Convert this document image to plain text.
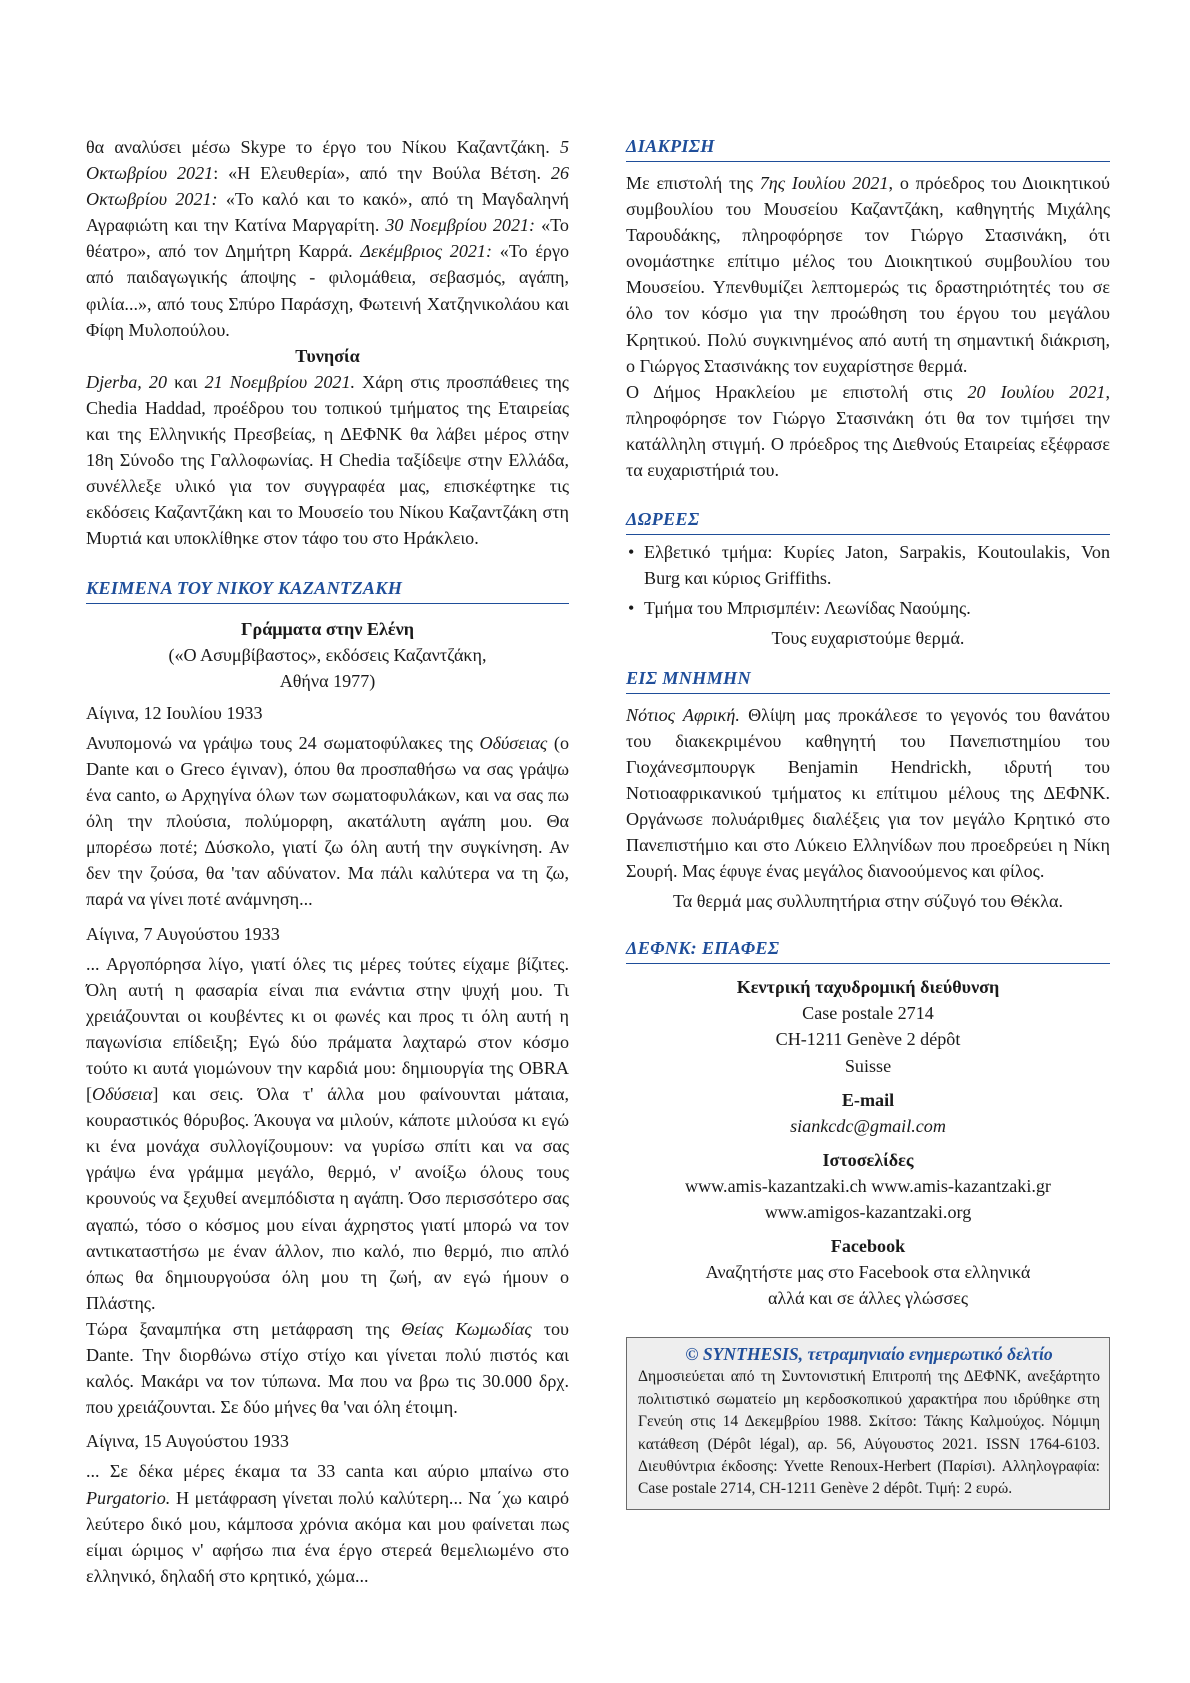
θα αναλύσει μέσω Skype το έργο του Νίκου Καζαντζάκη. 5 Οκτωβρίου 2021: «Η Ελευθερία», από την Βούλα Βέτση. 26 Οκτωβρίου 2021: «Το καλό και το κακό», από τη Μαγδαληνή Αγραφιώτη και την Κατίνα Μαργαρίτη. 30 Νοεμβρίου 2021: «Το θέατρο», από τον Δημήτρη Καρρά. Δεκέμβριος 2021: «Το έργο από παιδαγωγικής άποψης - φιλομάθεια, σεβασμός, αγάπη, φιλία...», από τους Σπύρο Παράσχη, Φωτεινή Χατζηνικολάου και Φίφη Μυλοπούλου.

Τυνησία

Djerba, 20 και 21 Νοεμβρίου 2021. Χάρη στις προσπάθειες της Chedia Haddad, προέδρου του τοπικού τμήματος της Εταιρείας και της Ελληνικής Πρεσβείας, η ΔΕΦΝΚ θα λάβει μέρος στην 18η Σύνοδο της Γαλλοφωνίας. Η Chedia ταξίδεψε στην Ελλάδα, συνέλλεξε υλικό για τον συγγραφέα μας, επισκέφτηκε τις εκδόσεις Καζαντζάκη και το Μουσείο του Νίκου Καζαντζάκη στη Μυρτιά και υποκλίθηκε στον τάφο του στο Ηράκλειο.

ΚΕΙΜΕΝΑ ΤΟΥ ΝΙΚΟΥ ΚΑΖΑΝΤΖΑΚΗ

Γράμματα στην Ελένη

(«Ο Ασυμβίβαστος», εκδόσεις Καζαντζάκη,

Αθήνα 1977)

Αίγινα, 12 Ιουλίου 1933

Ανυπομονώ να γράψω τους 24 σωματοφύλακες της Οδύσειας (ο Dante και ο Greco έγιναν), όπου θα προσπαθήσω να σας γράψω ένα canto, ω Αρχηγίνα όλων των σωματοφυλάκων, και να σας πω όλη την πλούσια, πολύμορφη, ακατάλυτη αγάπη μου. Θα μπορέσω ποτέ; Δύσκολο, γιατί ζω όλη αυτή την συγκίνηση. Αν δεν την ζούσα, θα 'ταν αδύνατον. Μα πάλι καλύτερα να τη ζω, παρά να γίνει ποτέ ανάμνηση...

Αίγινα, 7 Αυγούστου 1933

... Αργοπόρησα λίγο, γιατί όλες τις μέρες τούτες είχαμε βίζιτες. Όλη αυτή η φασαρία είναι πια ενάντια στην ψυχή μου. Τι χρειάζουνται οι κουβέντες κι οι φωνές και προς τι όλη αυτή η παγωνίσια επίδειξη; Εγώ δύο πράματα λαχταρώ στον κόσμο τούτο κι αυτά γιομώνουν την καρδιά μου: δημιουργία της OBRA [Οδύσεια] και σεις. Όλα τ' άλλα μου φαίνουνται μάταια, κουραστικός θόρυβος. Άκουγα να μιλούν, κάποτε μιλούσα κι εγώ κι ένα μονάχα συλλογίζουμουν: να γυρίσω σπίτι και να σας γράψω ένα γράμμα μεγάλο, θερμό, ν' ανοίξω όλους τους κρουνούς να ξεχυθεί ανεμπόδιστα η αγάπη. Όσο περισσότερο σας αγαπώ, τόσο ο κόσμος μου είναι άχρηστος γιατί μπορώ να τον αντικαταστήσω με έναν άλλον, πιο καλό, πιο θερμό, πιο απλό όπως θα δημιουργούσα όλη μου τη ζωή, αν εγώ ήμουν ο Πλάστης.

Τώρα ξαναμπήκα στη μετάφραση της Θείας Κωμωδίας του Dante. Την διορθώνω στίχο στίχο και γίνεται πολύ πιστός και καλός. Μακάρι να τον τύπωνα. Μα που να βρω τις 30.000 δρχ. που χρειάζουνται. Σε δύο μήνες θα 'ναι όλη έτοιμη.

Αίγινα, 15 Αυγούστου 1933

... Σε δέκα μέρες έκαμα τα 33 canta και αύριο μπαίνω στο Purgatorio. Η μετάφραση γίνεται πολύ καλύτερη... Να ΄χω καιρό λεύτερο δικό μου, κάμποσα χρόνια ακόμα και μου φαίνεται πως είμαι ώριμος ν' αφήσω πια ένα έργο στερεά θεμελιωμένο στο ελληνικό, δηλαδή στο κρητικό, χώμα...

ΔΙΑΚΡΙΣΗ

Με επιστολή της 7ης Ιουλίου 2021, ο πρόεδρος του Διοικητικού συμβουλίου του Μουσείου Καζαντζάκη, καθηγητής Μιχάλης Ταρουδάκης, πληροφόρησε τον Γιώργο Στασινάκη, ότι ονομάστηκε επίτιμο μέλος του Διοικητικού συμβουλίου του Μουσείου. Υπενθυμίζει λεπτομερώς τις δραστηριότητές του σε όλο τον κόσμο για την προώθηση του έργου του μεγάλου Κρητικού. Πολύ συγκινημένος από αυτή τη σημαντική διάκριση, ο Γιώργος Στασινάκης τον ευχαρίστησε θερμά.

Ο Δήμος Ηρακλείου με επιστολή στις 20 Ιουλίου 2021, πληροφόρησε τον Γιώργο Στασινάκη ότι θα τον τιμήσει την κατάλληλη στιγμή. Ο πρόεδρος της Διεθνούς Εταιρείας εξέφρασε τα ευχαριστήριά του.

ΔΩΡΕΕΣ
• Ελβετικό τμήμα: Κυρίες Jaton, Sarpakis, Koutoulakis, Von Burg και κύριος Griffiths.
• Τμήμα του Μπρισμπέιν: Λεωνίδας Ναούμης.

Τους ευχαριστούμε θερμά.

ΕΙΣ ΜΝΗΜΗΝ

Νότιος Αφρική. Θλίψη μας προκάλεσε το γεγονός του θανάτου του διακεκριμένου καθηγητή του Πανεπιστημίου του Γιοχάνεσμπουργκ Benjamin Hendrickh, ιδρυτή του Νοτιοαφρικανικού τμήματος κι επίτιμου μέλους της ΔΕΦΝΚ. Οργάνωσε πολυάριθμες διαλέξεις για τον μεγάλο Κρητικό στο Πανεπιστήμιο και στο Λύκειο Ελληνίδων που προεδρεύει η Νίκη Σουρή. Μας έφυγε ένας μεγάλος διανοούμενος και φίλος.

Τα θερμά μας συλλυπητήρια στην σύζυγό του Θέκλα.

ΔΕΦΝΚ: ΕΠΑΦΕΣ

Κεντρική ταχυδρομική διεύθυνση

Case postale 2714

CH-1211 Genève 2 dépôt

Suisse

E-mail

siankcdc@gmail.com

Ιστοσελίδες

www.amis-kazantzaki.ch www.amis-kazantzaki.gr

www.amigos-kazantzaki.org

Facebook

Αναζητήστε μας στο Facebook στα ελληνικά

αλλά και σε άλλες γλώσσες

© SYNTHESIS, τετραμηνιαίο ενημερωτικό δελτίο
Δημοσιεύεται από τη Συντονιστική Επιτροπή της ΔΕΦΝΚ, ανεξάρτητο πολιτιστικό σωματείο μη κερδοσκοπικού χαρακτήρα που ιδρύθηκε στη Γενεύη στις 14 Δεκεμβρίου 1988. Σκίτσο: Τάκης Καλμούχος. Νόμιμη κατάθεση (Dépôt légal), αρ. 56, Αύγουστος 2021. ISSN 1764-6103. Διευθύντρια έκδοσης: Yvette Renoux-Herbert (Παρίσι). Αλληλογραφία: Case postale 2714, CH-1211 Genève 2 dépôt. Τιμή: 2 ευρώ.
